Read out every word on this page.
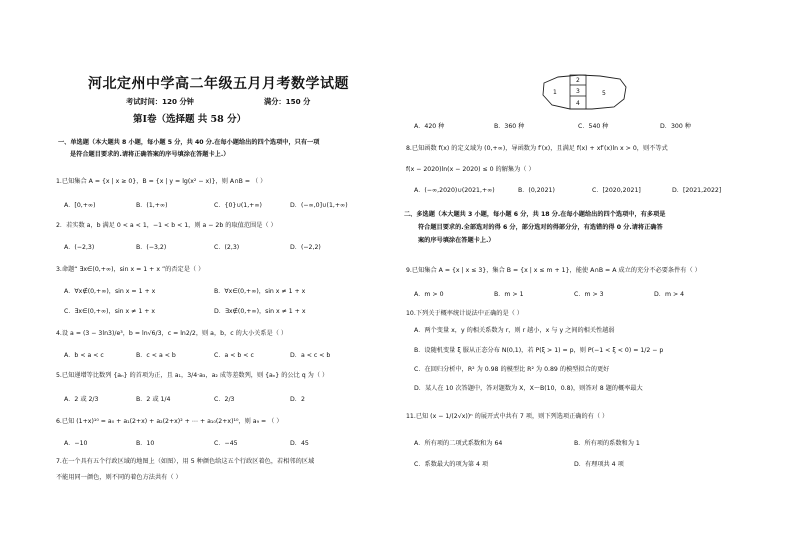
河北定州中学高二年级五月月考数学试题
考试时间：120 分钟	满分：150 分
第Ⅰ卷（选择题 共 58 分）
一、单选题（本大题共 8 小题，每小题 5 分，共 40 分.在每小题给出的四个选项中，只有一项
是符合题目要求的.请将正确答案的序号填涂在答题卡上.）
1.已知集合 A = {x | x ≥ 0}，B = {x | y = lg(x² − x)}，则 A∩B = （ ）
A．[0,+∞)	B．(1,+∞)	C．{0}∪(1,+∞)	D．(−∞,0]∪(1,+∞)
2．若实数 a，b 满足 0 < a < 1，−1 < b < 1，则 a − 2b 的取值范围是（ ）
A．(−2,3)	B．(−3,2)	C．(2,3)	D．(−2,2)
3.命题“ ∃x∈(0,+∞)，sin x = 1 + x ”的否定是（ ）
A．∀x∉(0,+∞)，sin x = 1 + x	B．∀x∈(0,+∞)，sin x ≠ 1 + x
C．∃x∈(0,+∞)，sin x ≠ 1 + x	D．∃x∉(0,+∞)，sin x ≠ 1 + x
4.设 a = (3 − 3ln3)/e³，b = ln√6/3，c = ln2/2，则 a，b，c 的大小关系是（ ）
A．b < a < c	B．c < a < b	C．a < b < c	D．a < c < b
5.已知递增等比数列 {aₙ} 的首项为正，且 a₁，3/4·a₃，a₂ 成等差数列，则 {aₙ} 的公比 q 为（ ）
A．2 或 2/3	B．2 或 1/4	C．2/3	D．2
6.已知 (1+x)¹⁰ = a₀ + a₁(2+x) + a₂(2+x)² + ⋯ + a₁₀(2+x)¹⁰，则 a₉ = （ ）
A．−10	B．10	C．−45	D．45
7.在一个具有五个行政区域的地图上（如图），用 5 种颜色给这五个行政区着色，若相邻的区域
不能用同一颜色，则不同的着色方法共有（ ）
1
2
3
4
5
A．420 种	B．360 种	C．540 种	D．300 种
8.已知函数 f(x) 的定义域为 (0,+∞)，导函数为 f′(x)，且满足 f(x) + xf′(x)ln x > 0，则不等式
f(x − 2020)ln(x − 2020) ≤ 0 的解集为（ ）
A．(−∞,2020)∪(2021,+∞)	B．(0,2021)	C．[2020,2021]	D．[2021,2022]
二、多选题（本大题共 3 小题，每小题 6 分，共 18 分.在每小题给出的四个选项中，有多项是
符合题目要求的.全部选对的得 6 分，部分选对的得部分分，有选错的得 0 分.请将正确答
案的序号填涂在答题卡上.）
9.已知集合 A = {x | x ≤ 3}，集合 B = {x | x ≤ m + 1}，能使 A∩B = A 成立的充分不必要条件有（ ）
A．m > 0	B．m > 1	C．m > 3	D．m > 4
10.下列关于概率统计说法中正确的是（ ）
A．两个变量 x，y 的相关系数为 r，则 r 越小，x 与 y 之间的相关性越弱
B．设随机变量 ξ 服从正态分布 N(0,1)，若 P(ξ > 1) = p，则 P(−1 < ξ < 0) = 1/2 − p
C．在回归分析中，R² 为 0.98 的模型比 R² 为 0.89 的模型拟合的更好
D．某人在 10 次答题中，答对题数为 X，X～B(10，0.8)，则答对 8 题的概率最大
11.已知 (x − 1/(2√x))ⁿ 的展开式中共有 7 项，则下列选项正确的有（ ）
A．所有项的二项式系数和为 64	B．所有项的系数和为 1
C．系数最大的项为第 4 项	D．有理项共 4 项
